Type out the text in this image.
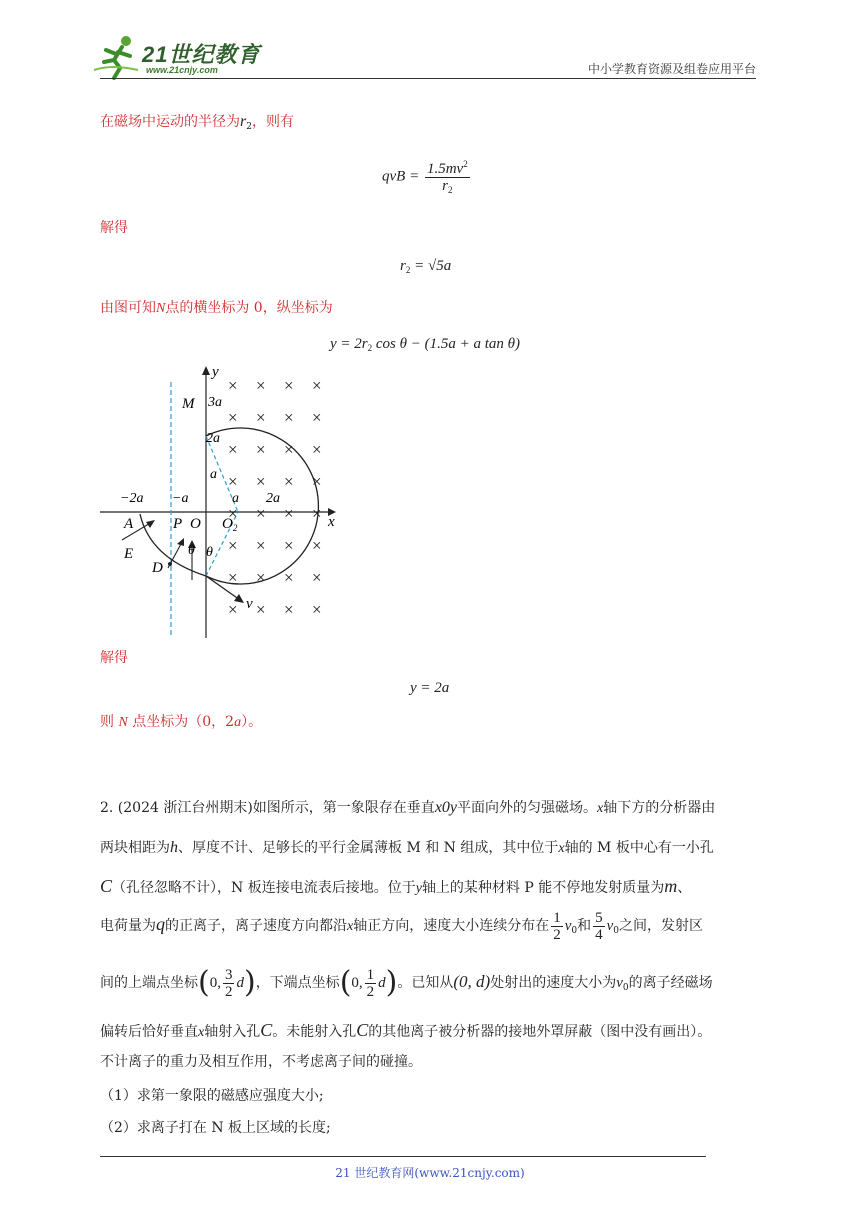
21世纪教育
www.21cnjy.com	中小学教育资源及组卷应用平台
在磁场中运动的半径为$r_2$，则有
qvB = $\frac{1.5mv^2}{r_2}$
解得
$r_2 = √5a$
由图可知N点的横坐标为 0，纵坐标为
$y = 2r_2$ cos θ − (1.5a + a tan θ)
× × × ×
× × × ×
× × × ×
× × × ×
× × × ×
× × × ×
× × × ×
× × × ×
y
x
M 3a
2a
a
a 2a
−2a −a
A	P O $O_2$
E
D
θ θ
v
解得
y = 2a
则 N 点坐标为（0，2a）。
2. (2024 浙江台州期末)如图所示，第一象限存在垂直x0y平面向外的匀强磁场。x轴下方的分析器由
两块相距为h、厚度不计、足够长的平行金属薄板 M 和 N 组成，其中位于x轴的 M 板中心有一小孔
C（孔径忽略不计），N 板连接电流表后接地。位于y轴上的某种材料 P 能不停地发射质量为m、
电荷量为q的正离子，离子速度方向都沿x轴正方向，速度大小连续分布在 $\frac{1}{2} v_0$和 $\frac{5}{4} v_0$之间，发射区
间的上端点坐标(0, $\frac{3}{2} d$)，下端点坐标(0, $\frac{1}{2} d$)。已知从(0, d)处射出的速度大小为$v_0$的离子经磁场
偏转后恰好垂直x轴射入孔C。未能射入孔C的其他离子被分析器的接地外罩屏蔽（图中没有画出）。
不计离子的重力及相互作用，不考虑离子间的碰撞。
（1）求第一象限的磁感应强度大小;
（2）求离子打在 N 板上区域的长度;
21 世纪教育网(www.21cnjy.com)
